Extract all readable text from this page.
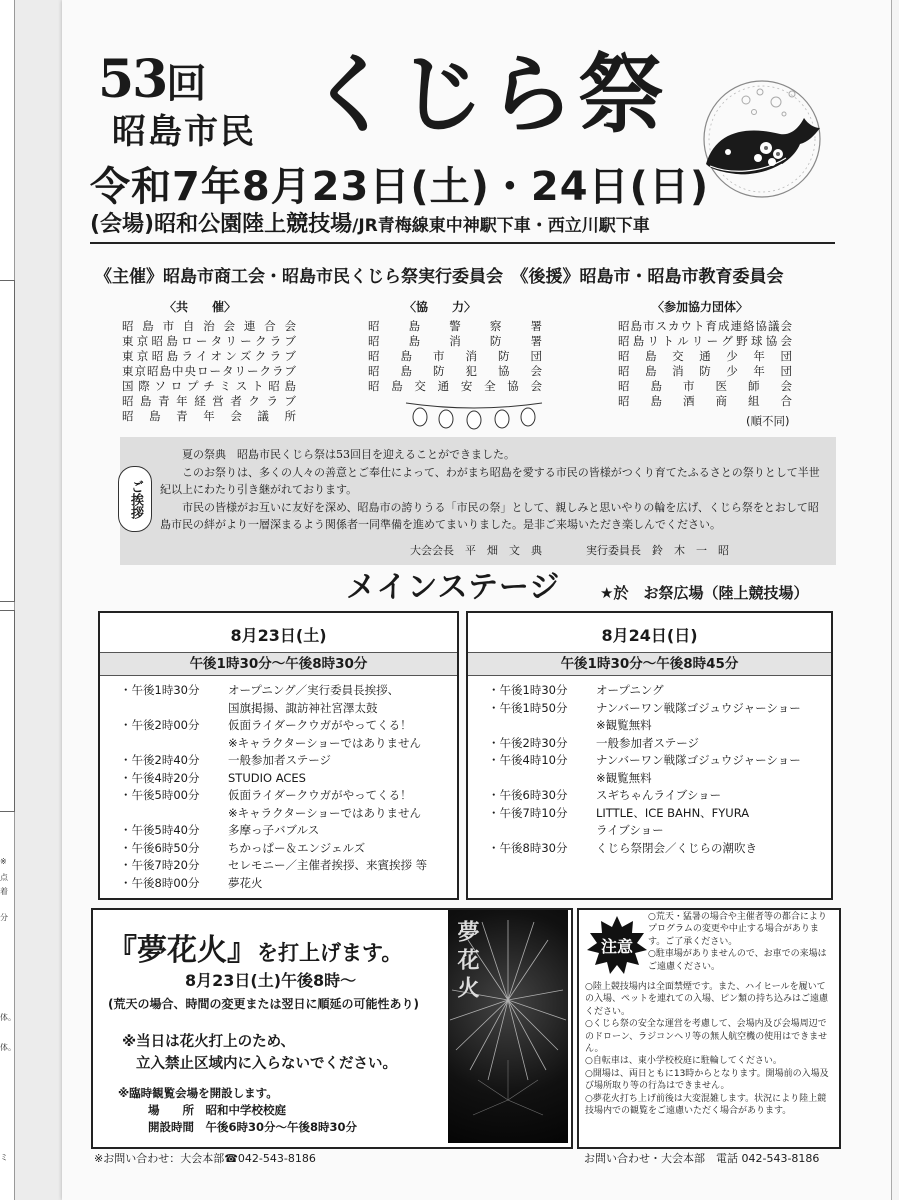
※
点
着
分
体。
体。
ミ
53回
昭島市民 くじら祭
令和7年8月23日(土)・24日(日)
(会場)昭和公園陸上競技場/JR青梅線東中神駅下車・西立川駅下車
《主催》昭島市商工会・昭島市民くじら祭実行委員会　《後援》昭島市・昭島市教育委員会
〈共　　催〉
昭島市自治会連合会
東京昭島ロータリークラブ
東京昭島ライオンズクラブ
東京昭島中央ロータリークラブ
国際ソロプチミスト昭島
昭島青年経営者クラブ
昭島青年会議所
〈協　　力〉
昭島警察署
昭島消防署
昭島市消防団
昭島防犯協会
昭島交通安全協会
〈参加協力団体〉
昭島市スカウト育成連絡協議会
昭島リトルリーグ野球協会
昭島交通少年団
昭島消防少年団
昭島市医師会
昭島酒商組合
(順不同)

夏の祭典　昭島市民くじら祭は53回目を迎えることができました。

このお祭りは、多くの人々の善意とご奉仕によって、わがまち昭島を愛する市民の皆様がつくり育てたふるさとの祭りとして半世紀以上にわたり引き継がれております。

市民の皆様がお互いに友好を深め、昭島市の誇りうる「市民の祭」として、親しみと思いやりの輪を広げ、くじら祭をとおして昭島市民の絆がより一層深まるよう関係者一同準備を進めてまいりました。是非ご来場いただき楽しんでください。

ご挨拶
大会会長　平　畑　文　典　　　　実行委員長　鈴　木　一　昭
メインステージ	★於　お祭広場（陸上競技場）
8月23日(土)
午後1時30分～午後8時30分
・午後1時30分	オープニング／実行委員長挨拶、
国旗掲揚、諏訪神社宮澤太鼓
・午後2時00分	仮面ライダークウガがやってくる！
※キャラクターショーではありません
・午後2時40分	一般参加者ステージ
・午後4時20分	STUDIO ACES
・午後5時00分	仮面ライダークウガがやってくる！
※キャラクターショーではありません
・午後5時40分	多摩っ子バブルス
・午後6時50分	ちかっぱー＆エンジェルズ
・午後7時20分	セレモニー／主催者挨拶、来賓挨拶 等
・午後8時00分	夢花火
8月24日(日)
午後1時30分～午後8時45分
・午後1時30分	オープニング
・午後1時50分	ナンバーワン戦隊ゴジュウジャーショー
※観覧無料
・午後2時30分	一般参加者ステージ
・午後4時10分	ナンバーワン戦隊ゴジュウジャーショー
※観覧無料
・午後6時30分	スギちゃんライブショー
・午後7時10分	LITTLE、ICE BAHN、FYURA
ライブショー
・午後8時30分	くじら祭閉会／くじらの潮吹き
夢花火
『夢花火』を打上げます。
8月23日(土)午後8時～
(荒天の場合、時間の変更または翌日に順延の可能性あり)
※当日は花火打上のため、
立入禁止区域内に入らないでください。
※臨時観覧会場を開設します。
場　　所　昭和中学校校庭
開設時間　午後6時30分～午後8時30分
注意

○荒天・猛暑の場合や主催者等の都合によりプログラムの変更や中止する場合があります。ご了承ください。

○駐車場がありませんので、お車での来場はご遠慮ください。

○陸上競技場内は全面禁煙です。また、ハイヒールを履いての入場、ペットを連れての入場、ピン類の持ち込みはご遠慮ください。

○くじら祭の安全な運営を考慮して、会場内及び会場周辺でのドローン、ラジコンヘリ等の無人航空機の使用はできません。

○自転車は、東小学校校庭に駐輪してください。

○開場は、両日ともに13時からとなります。開場前の入場及び場所取り等の行為はできません。

○夢花火打ち上げ前後は大変混雑します。状況により陸上競技場内での観覧をご遠慮いただく場合があります。

※お問い合わせ：大会本部☎042-543-8186	お問い合わせ・大会本部　電話 042-543-8186
